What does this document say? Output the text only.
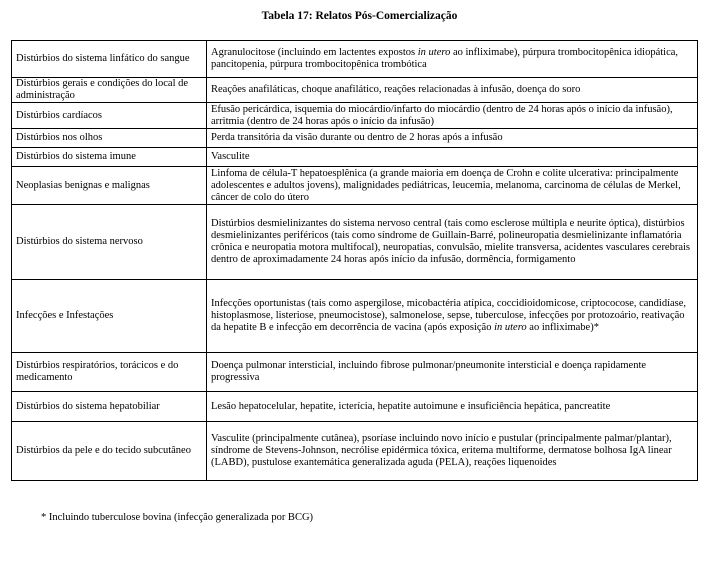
Tabela 17: Relatos Pós-Comercialização
Distúrbios do sistema linfático do sangue	Agranulocitose (incluindo em lactentes expostos in utero ao infliximabe), púrpura trombocitopênica idiopática, pancitopenia, púrpura trombocitopênica trombótica
Distúrbios gerais e condições do local de administração	Reações anafiláticas, choque anafilático, reações relacionadas à infusão, doença do soro
Distúrbios cardíacos	Efusão pericárdica, isquemia do miocárdio/infarto do miocárdio (dentro de 24 horas após o início da infusão), arritmia (dentro de 24 horas após o início da infusão)
Distúrbios nos olhos	Perda transitória da visão durante ou dentro de 2 horas após a infusão
Distúrbios do sistema imune	Vasculite
Neoplasias benignas e malignas	Linfoma de célula-T hepatoesplênica (a grande maioria em doença de Crohn e colite ulcerativa: principalmente adolescentes e adultos jovens), malignidades pediátricas, leucemia, melanoma, carcinoma de células de Merkel, câncer de colo do útero
Distúrbios do sistema nervoso	Distúrbios desmielinizantes do sistema nervoso central (tais como esclerose múltipla e neurite óptica), distúrbios desmielinizantes periféricos (tais como síndrome de Guillain-Barré, polineuropatia desmielinizante inflamatória crônica e neuropatia motora multifocal), neuropatias, convulsão, mielite transversa, acidentes vasculares cerebrais dentro de aproximadamente 24 horas após início da infusão, dormência, formigamento
Infecções e Infestações	Infecções oportunistas (tais como aspergilose, micobactéria atípica, coccidioidomicose, criptococose, candidíase, histoplasmose, listeriose, pneumocistose), salmonelose, sepse, tuberculose, infecções por protozoário, reativação da hepatite B e infecção em decorrência de vacina (após exposição in utero ao infliximabe)*
Distúrbios respiratórios, torácicos e do medicamento	Doença pulmonar intersticial, incluindo fibrose pulmonar/pneumonite intersticial e doença rapidamente progressiva
Distúrbios do sistema hepatobiliar	Lesão hepatocelular, hepatite, icterícia, hepatite autoimune e insuficiência hepática, pancreatite
Distúrbios da pele e do tecido subcutâneo	Vasculite (principalmente cutânea), psoríase incluindo novo início e pustular (principalmente palmar/plantar), síndrome de Stevens-Johnson, necrólise epidérmica tóxica, eritema multiforme, dermatose bolhosa IgA linear (LABD), pustulose exantemática generalizada aguda (PELA), reações liquenoides
* Incluindo tuberculose bovina (infecção generalizada por BCG)
